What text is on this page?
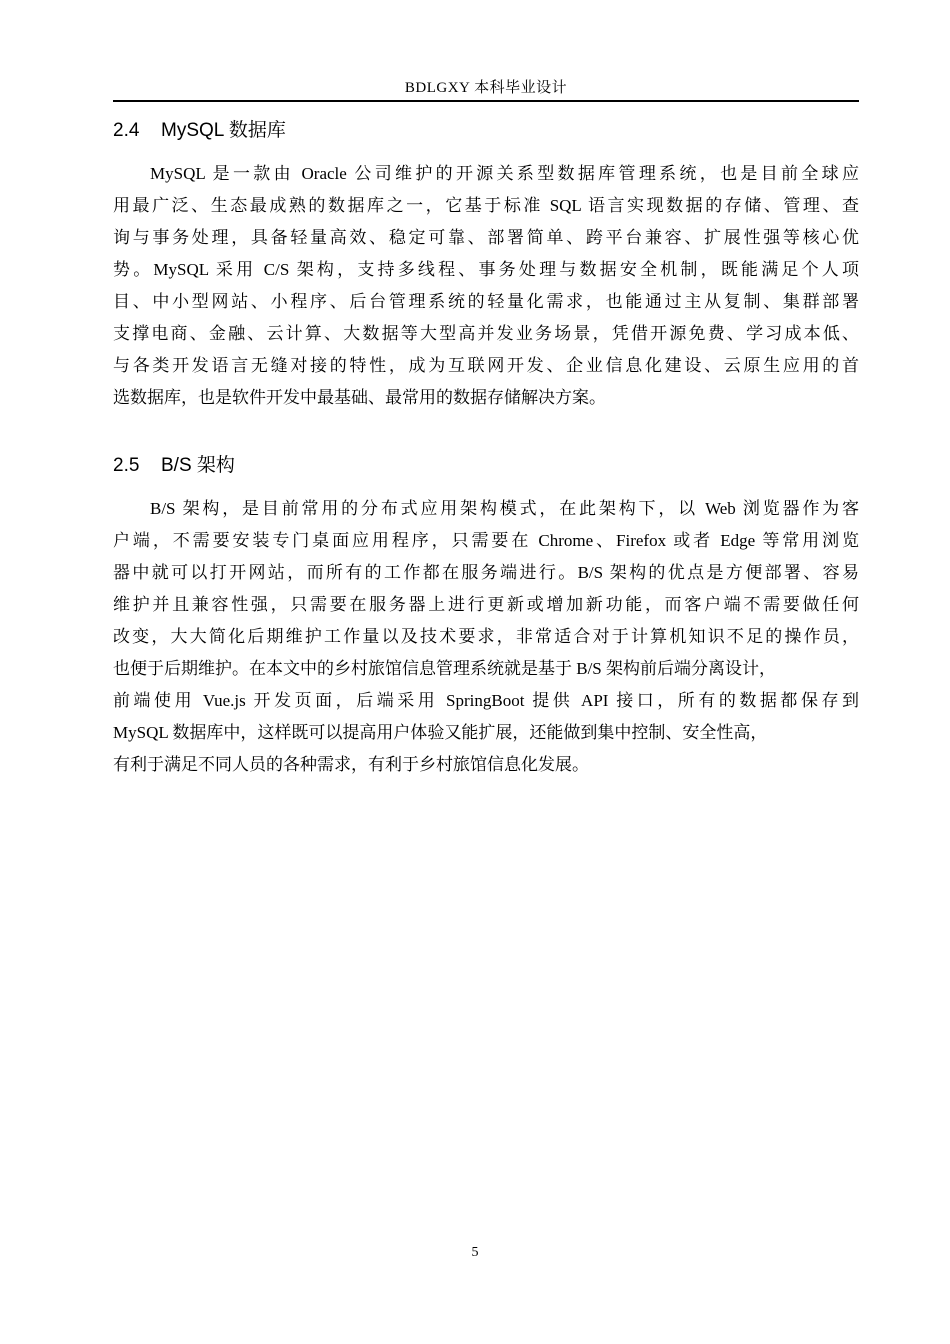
BDLGXY 本科毕业设计
2.4 MySQL 数据库

MySQL 是一款由 Oracle 公司维护的开源关系型数据库管理系统，也是目前全球应
用最广泛、生态最成熟的数据库之一，它基于标准 SQL 语言实现数据的存储、管理、查
询与事务处理，具备轻量高效、稳定可靠、部署简单、跨平台兼容、扩展性强等核心优
势。MySQL 采用 C/S 架构，支持多线程、事务处理与数据安全机制，既能满足个人项
目、中小型网站、小程序、后台管理系统的轻量化需求，也能通过主从复制、集群部署
支撑电商、金融、云计算、大数据等大型高并发业务场景，凭借开源免费、学习成本低、
与各类开发语言无缝对接的特性，成为互联网开发、企业信息化建设、云原生应用的首
选数据库，也是软件开发中最基础、最常用的数据存储解决方案。

2.5 B/S 架构

B/S 架构，是目前常用的分布式应用架构模式，在此架构下，以 Web 浏览器作为客
户端，不需要安装专门桌面应用程序，只需要在 Chrome、Firefox 或者 Edge 等常用浏览
器中就可以打开网站，而所有的工作都在服务端进行。B/S 架构的优点是方便部署、容易
维护并且兼容性强，只需要在服务器上进行更新或增加新功能，而客户端不需要做任何
改变，大大简化后期维护工作量以及技术要求，非常适合对于计算机知识不足的操作员，
也便于后期维护。在本文中的乡村旅馆信息管理系统就是基于 B/S 架构前后端分离设计，
前端使用 Vue.js 开发页面，后端采用 SpringBoot 提供 API 接口，所有的数据都保存到
MySQL 数据库中，这样既可以提高用户体验又能扩展，还能做到集中控制、安全性高，
有利于满足不同人员的各种需求，有利于乡村旅馆信息化发展。

5
